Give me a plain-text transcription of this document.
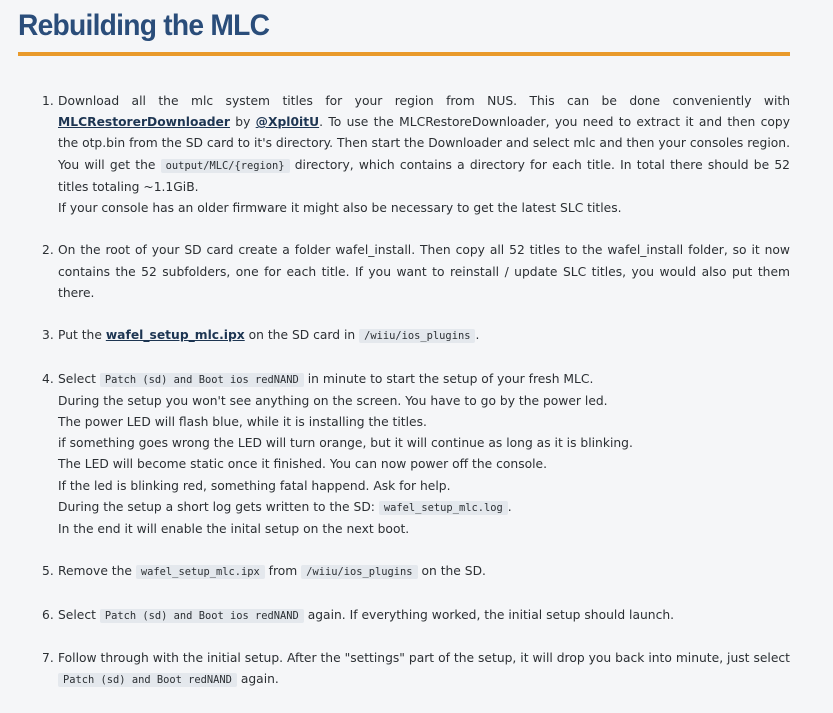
Rebuilding the MLC
1. Download all the mlc system titles for your region from NUS. This can be done conveniently with MLCRestorerDownloader by @Xpl0itU. To use the MLCRestoreDownloader, you need to extract it and then copy the otp.bin from the SD card to it's directory. Then start the Downloader and select mlc and then your consoles region.
You will get the output/MLC/{region} directory, which contains a directory for each title. In total there should be 52 titles totaling ~1.1GiB.
If your console has an older firmware it might also be necessary to get the latest SLC titles.
2. On the root of your SD card create a folder wafel_install. Then copy all 52 titles to the wafel_install folder, so it now contains the 52 subfolders, one for each title. If you want to reinstall / update SLC titles, you would also put them there.
3. Put the wafel_setup_mlc.ipx on the SD card in /wiiu/ios_plugins .
4. Select Patch (sd) and Boot ios redNAND in minute to start the setup of your fresh MLC.
During the setup you won't see anything on the screen. You have to go by the power led.
The power LED will flash blue, while it is installing the titles.
if something goes wrong the LED will turn orange, but it will continue as long as it is blinking.
The LED will become static once it finished. You can now power off the console.
If the led is blinking red, something fatal happend. Ask for help.
During the setup a short log gets written to the SD: wafel_setup_mlc.log .
In the end it will enable the inital setup on the next boot.
5. Remove the wafel_setup_mlc.ipx from /wiiu/ios_plugins on the SD.
6. Select Patch (sd) and Boot ios redNAND again. If everything worked, the initial setup should launch.
7. Follow through with the initial setup. After the "settings" part of the setup, it will drop you back into minute, just select Patch (sd) and Boot redNAND again.
